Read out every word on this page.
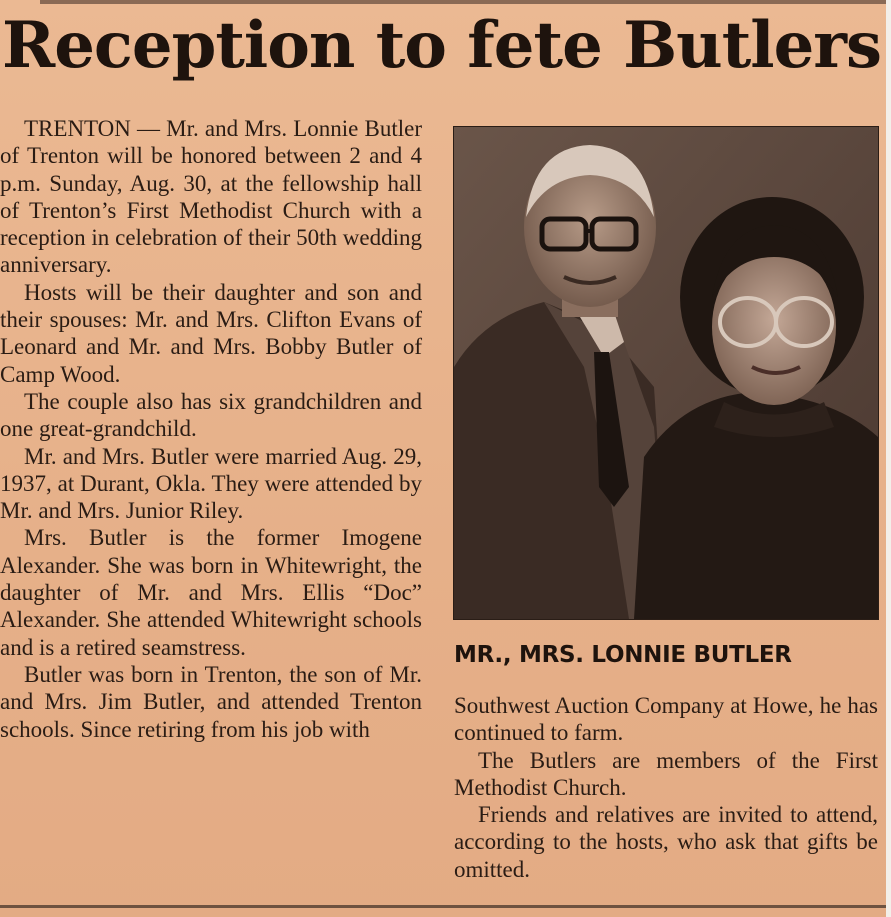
Reception to fete Butlers

TRENTON — Mr. and Mrs. Lonnie Butler of Trenton will be honored between 2 and 4 p.m. Sunday, Aug. 30, at the fellowship hall of Trenton’s First Methodist Church with a reception in celebration of their 50th wedding anniversary.

Hosts will be their daughter and son and their spouses: Mr. and Mrs. Clifton Evans of Leonard and Mr. and Mrs. Bobby Butler of Camp Wood.

The couple also has six grandchildren and one great-grandchild.

Mr. and Mrs. Butler were married Aug. 29, 1937, at Durant, Okla. They were attended by Mr. and Mrs. Junior Riley.

Mrs. Butler is the former Imogene Alexander. She was born in Whitewright, the daughter of Mr. and Mrs. Ellis “Doc” Alexander. She attended Whitewright schools and is a retired seamstress.

Butler was born in Trenton, the son of Mr. and Mrs. Jim Butler, and attended Trenton schools. Since retiring from his job with

MR., MRS. LONNIE BUTLER

Southwest Auction Company at Howe, he has continued to farm.

The Butlers are members of the First Methodist Church.

Friends and relatives are invited to attend, according to the hosts, who ask that gifts be omitted.
